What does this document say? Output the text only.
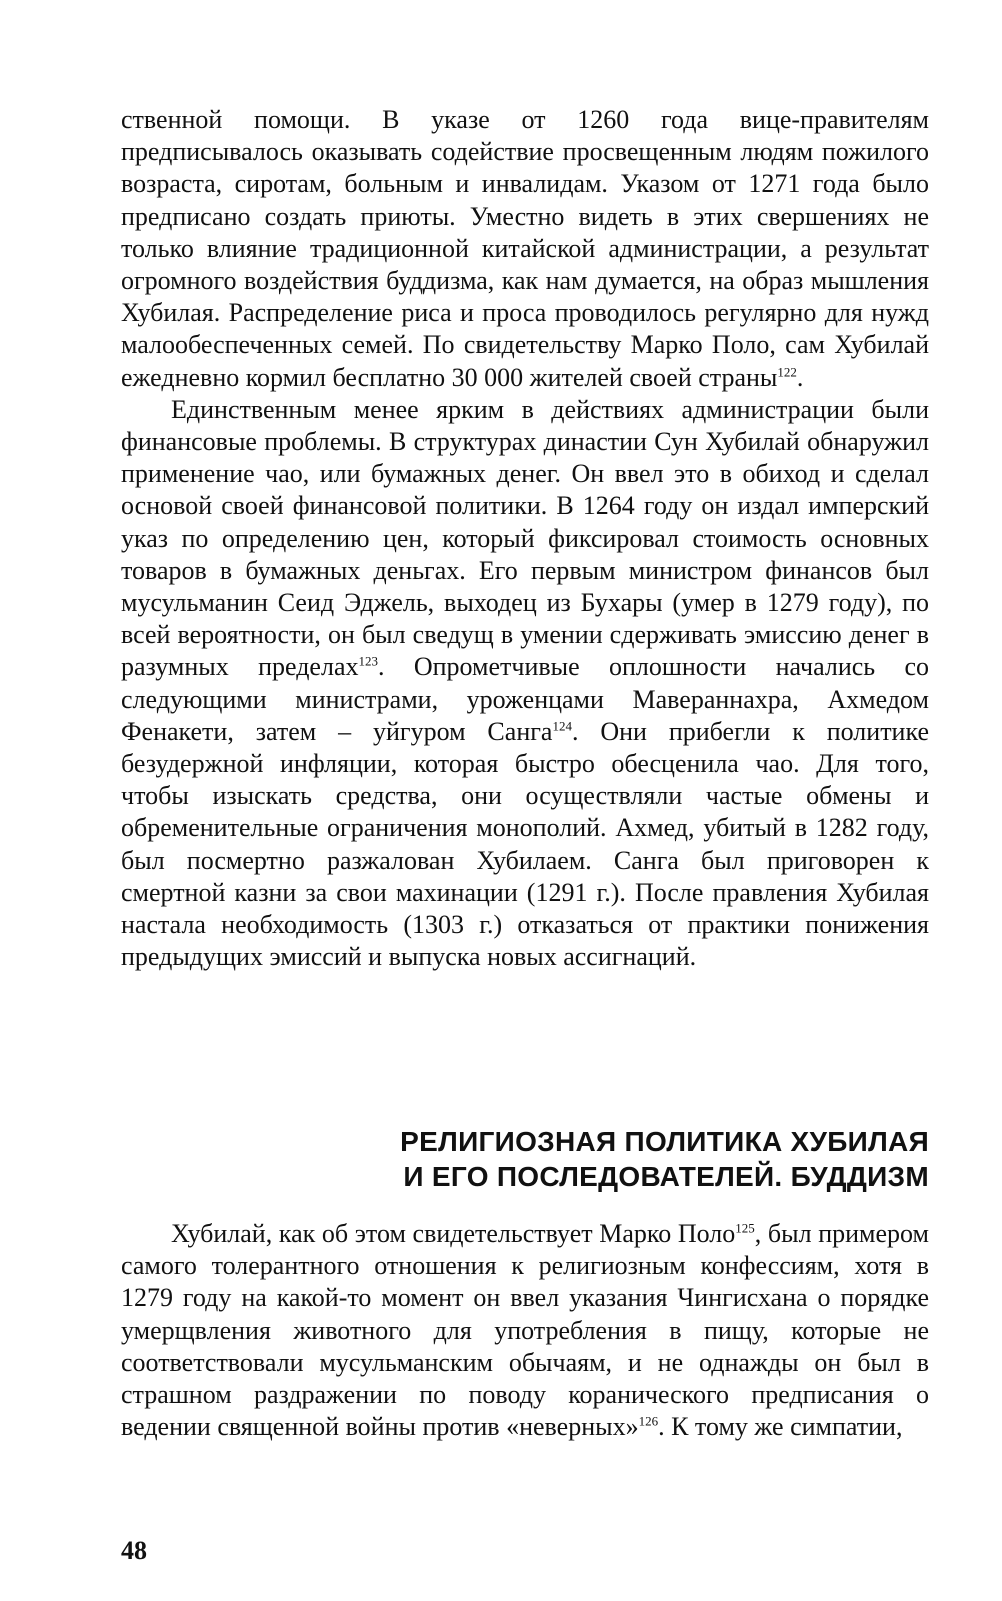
ственной помощи. В указе от 1260 года вице-правителям предписывалось оказывать содействие просвещенным людям пожилого возраста, сиротам, больным и инвалидам. Указом от 1271 года было предписано создать приюты. Уместно видеть в этих свершениях не только влияние традиционной китайской администрации, а результат огромного воздействия буддизма, как нам думается, на образ мышления Хубилая. Распределение риса и проса проводилось регулярно для нужд малообеспеченных семей. По свидетельству Марко Поло, сам Хубилай ежедневно кормил бесплатно 30 000 жителей своей страны$^{122}$.

Единственным менее ярким в действиях администрации были финансовые проблемы. В структурах династии Сун Хубилай обнаружил применение чао, или бумажных денег. Он ввел это в обиход и сделал основой своей финансовой политики. В 1264 году он издал имперский указ по определению цен, который фиксировал стоимость основных товаров в бумажных деньгах. Его первым министром финансов был мусульманин Сеид Эджель, выходец из Бухары (умер в 1279 году), по всей вероятности, он был сведущ в умении сдерживать эмиссию денег в разумных пределах$^{123}$. Опрометчивые оплошности начались со следующими министрами, уроженцами Мавераннахра, Ахмедом Фенакети, затем – уйгуром Санга$^{124}$. Они прибегли к политике безудержной инфляции, которая быстро обесценила чао. Для того, чтобы изыскать средства, они осуществляли частые обмены и обременительные ограничения монополий. Ахмед, убитый в 1282 году, был посмертно разжалован Хубилаем. Санга был приговорен к смертной казни за свои махинации (1291 г.). После правления Хубилая настала необходимость (1303 г.) отказаться от практики понижения предыдущих эмиссий и выпуска новых ассигнаций.

РЕЛИГИОЗНАЯ ПОЛИТИКА ХУБИЛАЯ
И ЕГО ПОСЛЕДОВАТЕЛЕЙ. БУДДИЗМ

Хубилай, как об этом свидетельствует Марко Поло$^{125}$, был примером самого толерантного отношения к религиозным конфессиям, хотя в 1279 году на какой-то момент он ввел указания Чингисхана о порядке умерщвления животного для употребления в пищу, которые не соответствовали мусульманским обычаям, и не однажды он был в страшном раздражении по поводу коранического предписания о ведении священной войны против «неверных»$^{126}$. К тому же симпатии,

48
